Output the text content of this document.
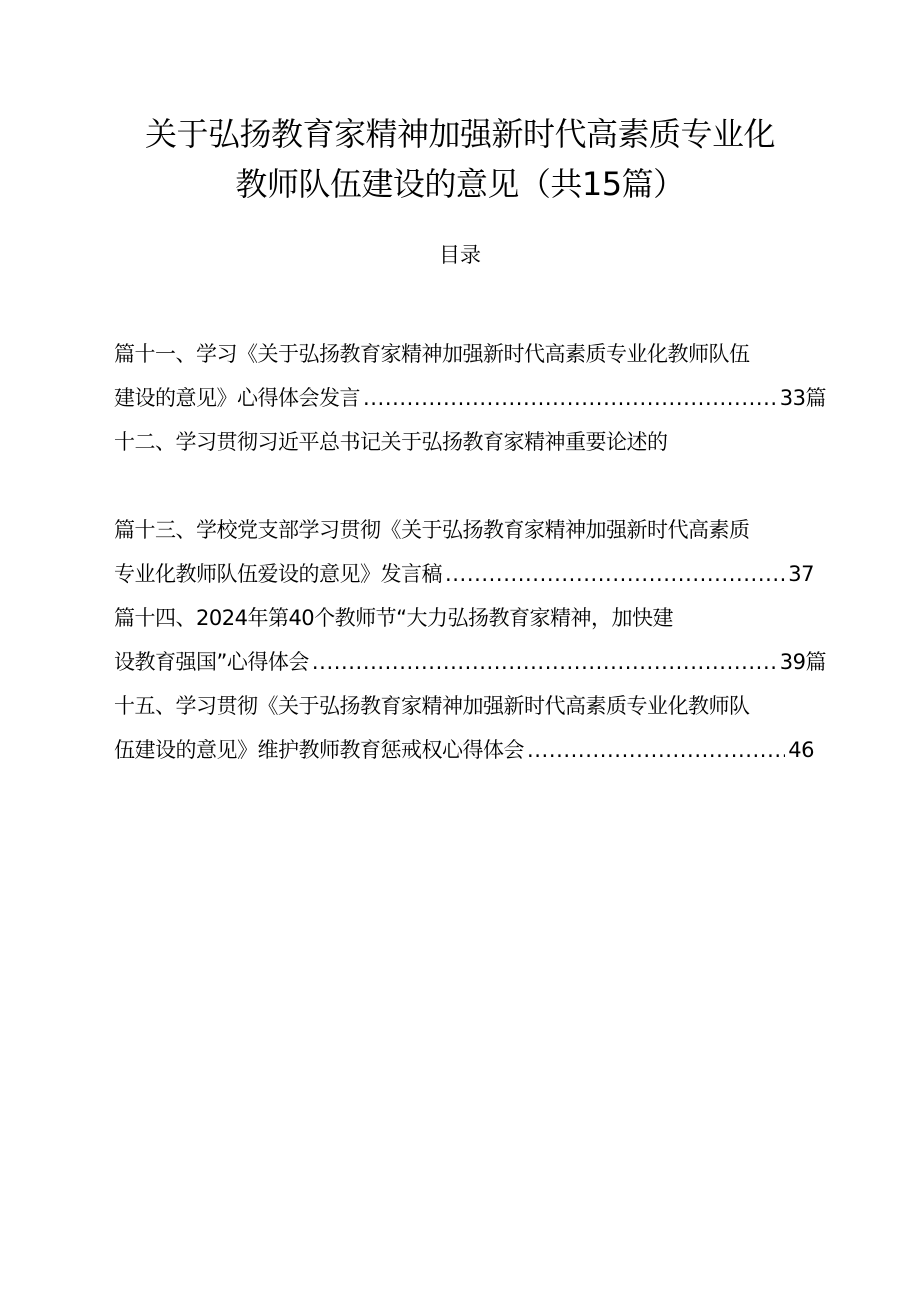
关于弘扬教育家精神加强新时代高素质专业化
教师队伍建设的意见（共15篇）
目录
篇十一、学习《关于弘扬教育家精神加强新时代高素质专业化教师队伍
建设的意见》心得体会发言 .....	33篇
十二、学习贯彻习近平总书记关于弘扬教育家精神重要论述的
篇十三、学校党支部学习贯彻《关于弘扬教育家精神加强新时代高素质
专业化教师队伍爱设的意见》发言稿 .....	37
篇十四、2024年第40个教师节“大力弘扬教育家精神，加快建
设教育强国”心得体会 .....	39篇
十五、学习贯彻《关于弘扬教育家精神加强新时代高素质专业化教师队
伍建设的意见》维护教师教育惩戒权心得体会 .....	46
